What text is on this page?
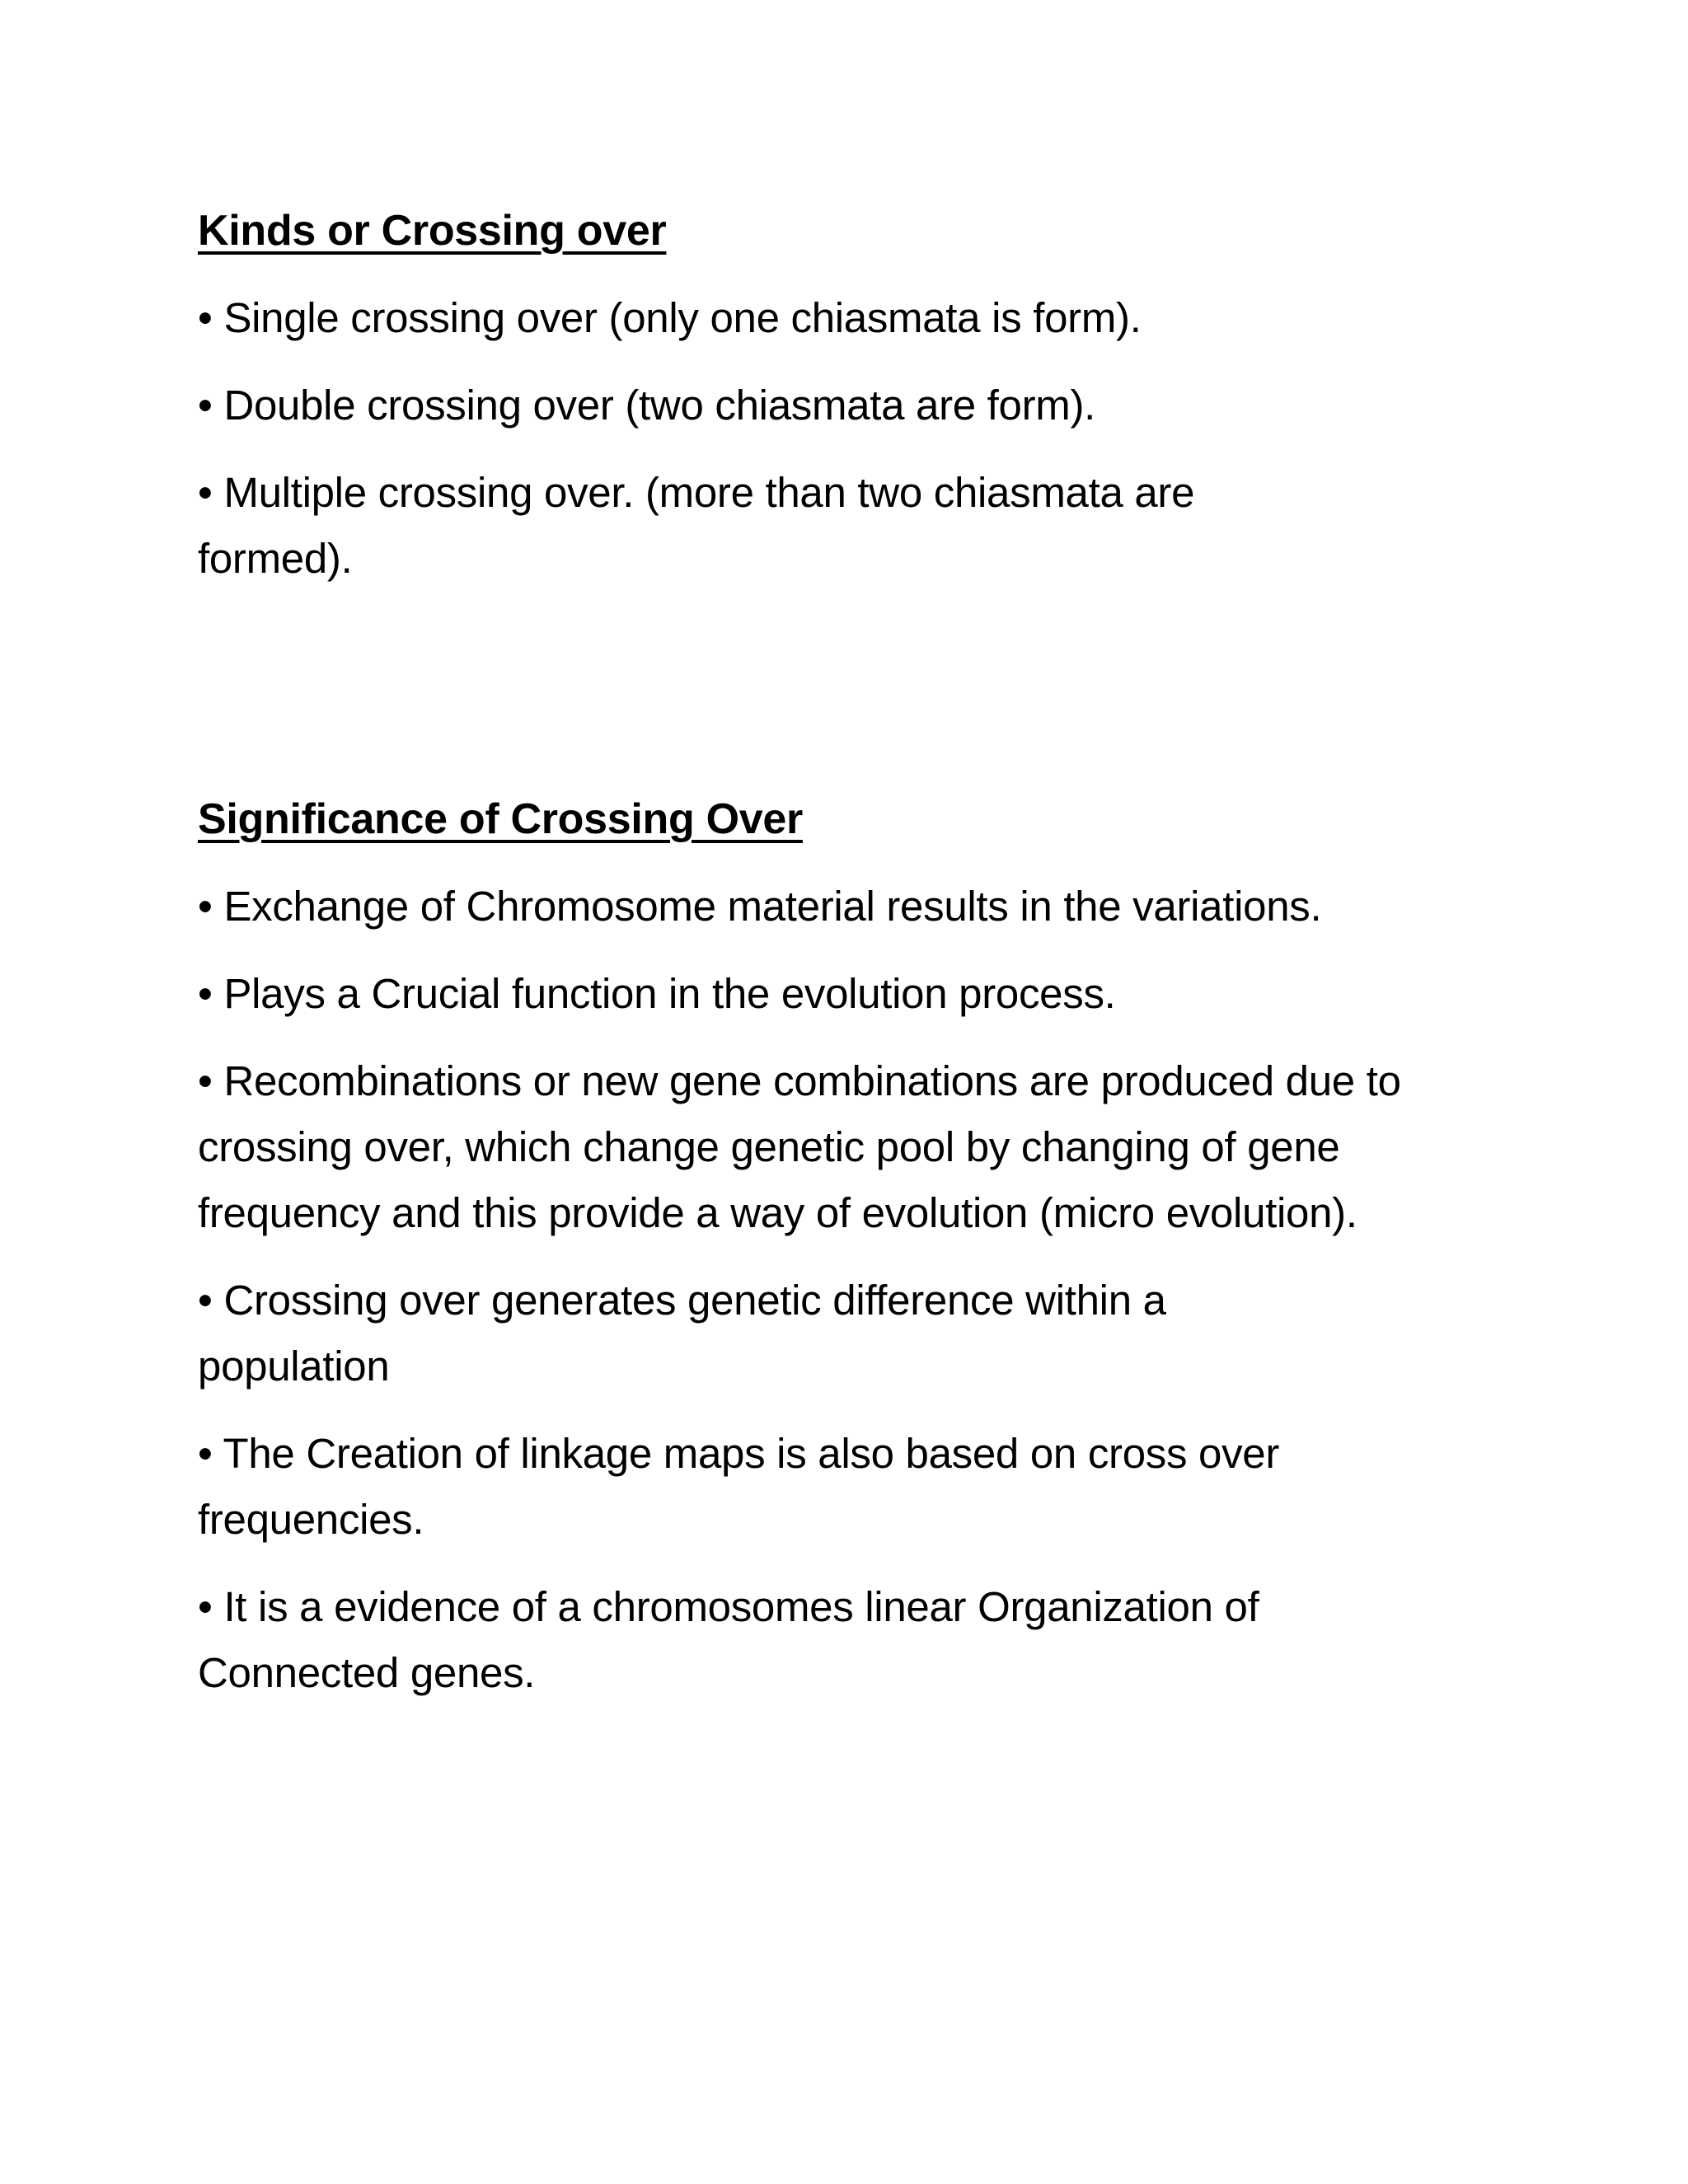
Kinds or Crossing over
• Single crossing over (only one chiasmata is form).
• Double crossing over (two chiasmata are form).
• Multiple crossing over. (more than two chiasmata are formed).
Significance of Crossing Over
• Exchange of Chromosome material results in the variations.
• Plays a Crucial function in the evolution process.
• Recombinations or new gene combinations are produced due to crossing over, which change genetic pool by changing of gene frequency and this provide a way of evolution (micro evolution).
• Crossing over generates genetic difference within a population
• The Creation of linkage maps is also based on cross over frequencies.
• It is a evidence of a chromosomes linear Organization of Connected genes.
